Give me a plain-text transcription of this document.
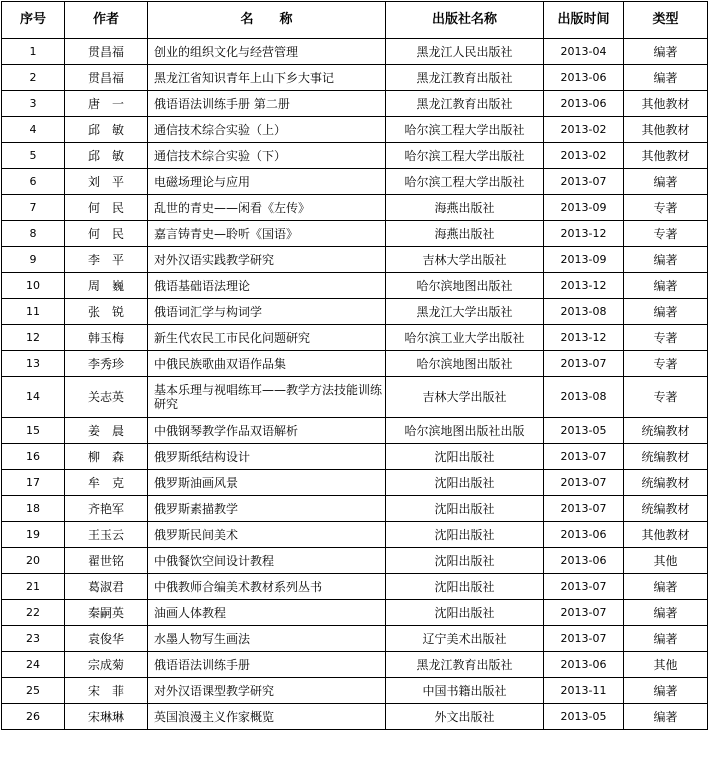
序号	作者	名　　称	出版社名称	出版时间	类型
1	贯昌福	创业的组织文化与经营管理	黑龙江人民出版社	2013-04	编著
2	贯昌福	黑龙江省知识青年上山下乡大事记	黑龙江教育出版社	2013-06	编著
3	唐　一	俄语语法训练手册 第二册	黑龙江教育出版社	2013-06	其他教材
4	邱　敏	通信技术综合实验（上）	哈尔滨工程大学出版社	2013-02	其他教材
5	邱　敏	通信技术综合实验（下）	哈尔滨工程大学出版社	2013-02	其他教材
6	刘　平	电磁场理论与应用	哈尔滨工程大学出版社	2013-07	编著
7	何　民	乱世的青史——闲看《左传》	海燕出版社	2013-09	专著
8	何　民	嘉言铸青史—聆听《国语》	海燕出版社	2013-12	专著
9	李　平	对外汉语实践教学研究	吉林大学出版社	2013-09	编著
10	周　巍	俄语基础语法理论	哈尔滨地图出版社	2013-12	编著
11	张　锐	俄语词汇学与构词学	黑龙江大学出版社	2013-08	编著
12	韩玉梅	新生代农民工市民化问题研究	哈尔滨工业大学出版社	2013-12	专著
13	李秀珍	中俄民族歌曲双语作品集	哈尔滨地图出版社	2013-07	专著
14	关志英	基本乐理与视唱练耳——教学方法技能训练研究	吉林大学出版社	2013-08	专著
15	姜　晨	中俄钢琴教学作品双语解析	哈尔滨地图出版社出版	2013-05	统编教材
16	柳　森	俄罗斯纸结构设计	沈阳出版社	2013-07	统编教材
17	牟　克	俄罗斯油画风景	沈阳出版社	2013-07	统编教材
18	齐艳军	俄罗斯素描教学	沈阳出版社	2013-07	统编教材
19	王玉云	俄罗斯民间美术	沈阳出版社	2013-06	其他教材
20	翟世铭	中俄餐饮空间设计教程	沈阳出版社	2013-06	其他
21	葛淑君	中俄教师合编美术教材系列丛书	沈阳出版社	2013-07	编著
22	秦嗣英	油画人体教程	沈阳出版社	2013-07	编著
23	袁俊华	水墨人物写生画法	辽宁美术出版社	2013-07	编著
24	宗成菊	俄语语法训练手册	黑龙江教育出版社	2013-06	其他
25	宋　菲	对外汉语课型教学研究	中国书籍出版社	2013-11	编著
26	宋琳琳	英国浪漫主义作家概览	外文出版社	2013-05	编著
